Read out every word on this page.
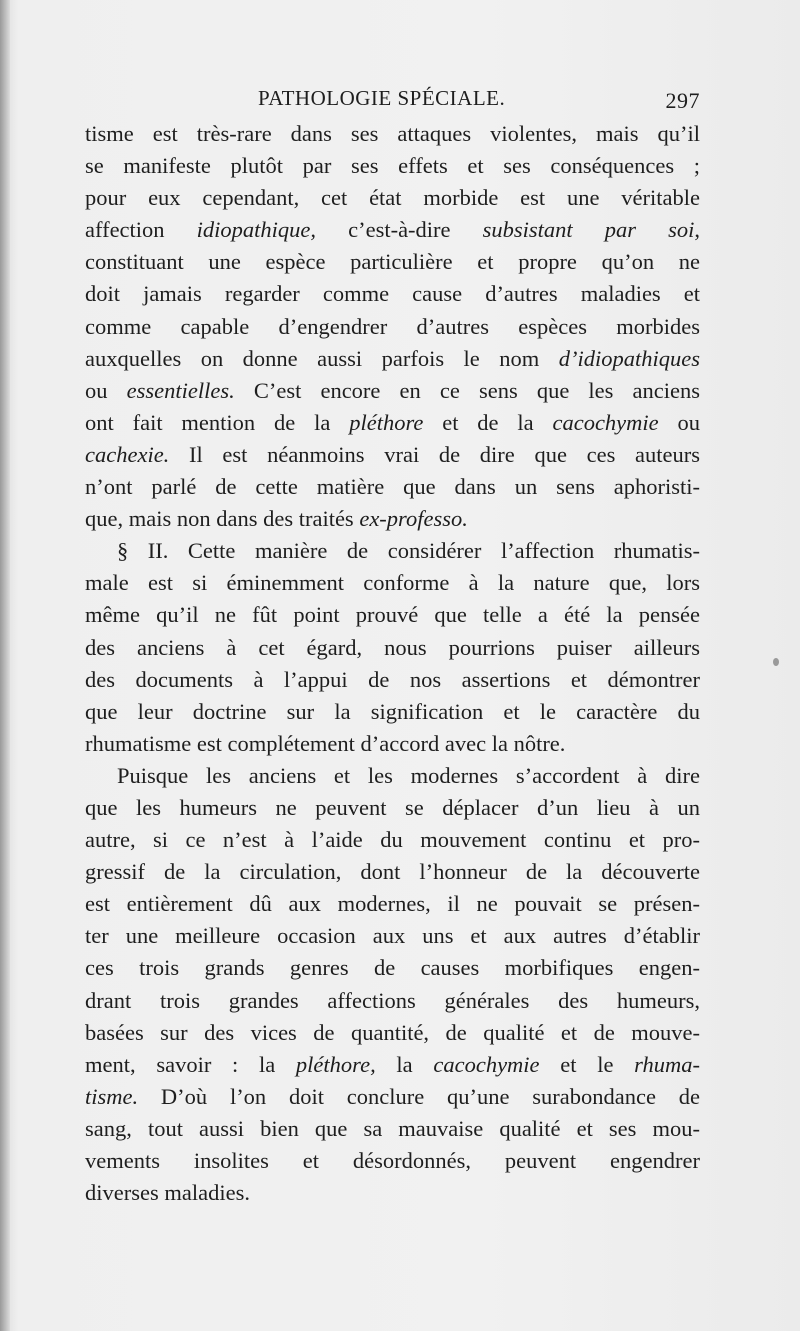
PATHOLOGIE SPÉCIALE.	297
tisme est très-rare dans ses attaques violentes, mais qu’il
se manifeste plutôt par ses effets et ses conséquences ;
pour eux cependant, cet état morbide est une véritable
affection idiopathique, c’est-à-dire subsistant par soi,
constituant une espèce particulière et propre qu’on ne
doit jamais regarder comme cause d’autres maladies et
comme capable d’engendrer d’autres espèces morbides
auxquelles on donne aussi parfois le nom d’idiopathiques
ou essentielles. C’est encore en ce sens que les anciens
ont fait mention de la pléthore et de la cacochymie ou
cachexie. Il est néanmoins vrai de dire que ces auteurs
n’ont parlé de cette matière que dans un sens aphoristi-
que, mais non dans des traités ex-professo.
§ II. Cette manière de considérer l’affection rhumatis-
male est si éminemment conforme à la nature que, lors
même qu’il ne fût point prouvé que telle a été la pensée
des anciens à cet égard, nous pourrions puiser ailleurs
des documents à l’appui de nos assertions et démontrer
que leur doctrine sur la signification et le caractère du
rhumatisme est complétement d’accord avec la nôtre.
Puisque les anciens et les modernes s’accordent à dire
que les humeurs ne peuvent se déplacer d’un lieu à un
autre, si ce n’est à l’aide du mouvement continu et pro-
gressif de la circulation, dont l’honneur de la découverte
est entièrement dû aux modernes, il ne pouvait se présen-
ter une meilleure occasion aux uns et aux autres d’établir
ces trois grands genres de causes morbifiques engen-
drant trois grandes affections générales des humeurs,
basées sur des vices de quantité, de qualité et de mouve-
ment, savoir : la pléthore, la cacochymie et le rhuma-
tisme. D’où l’on doit conclure qu’une surabondance de
sang, tout aussi bien que sa mauvaise qualité et ses mou-
vements insolites et désordonnés, peuvent engendrer
diverses maladies.
